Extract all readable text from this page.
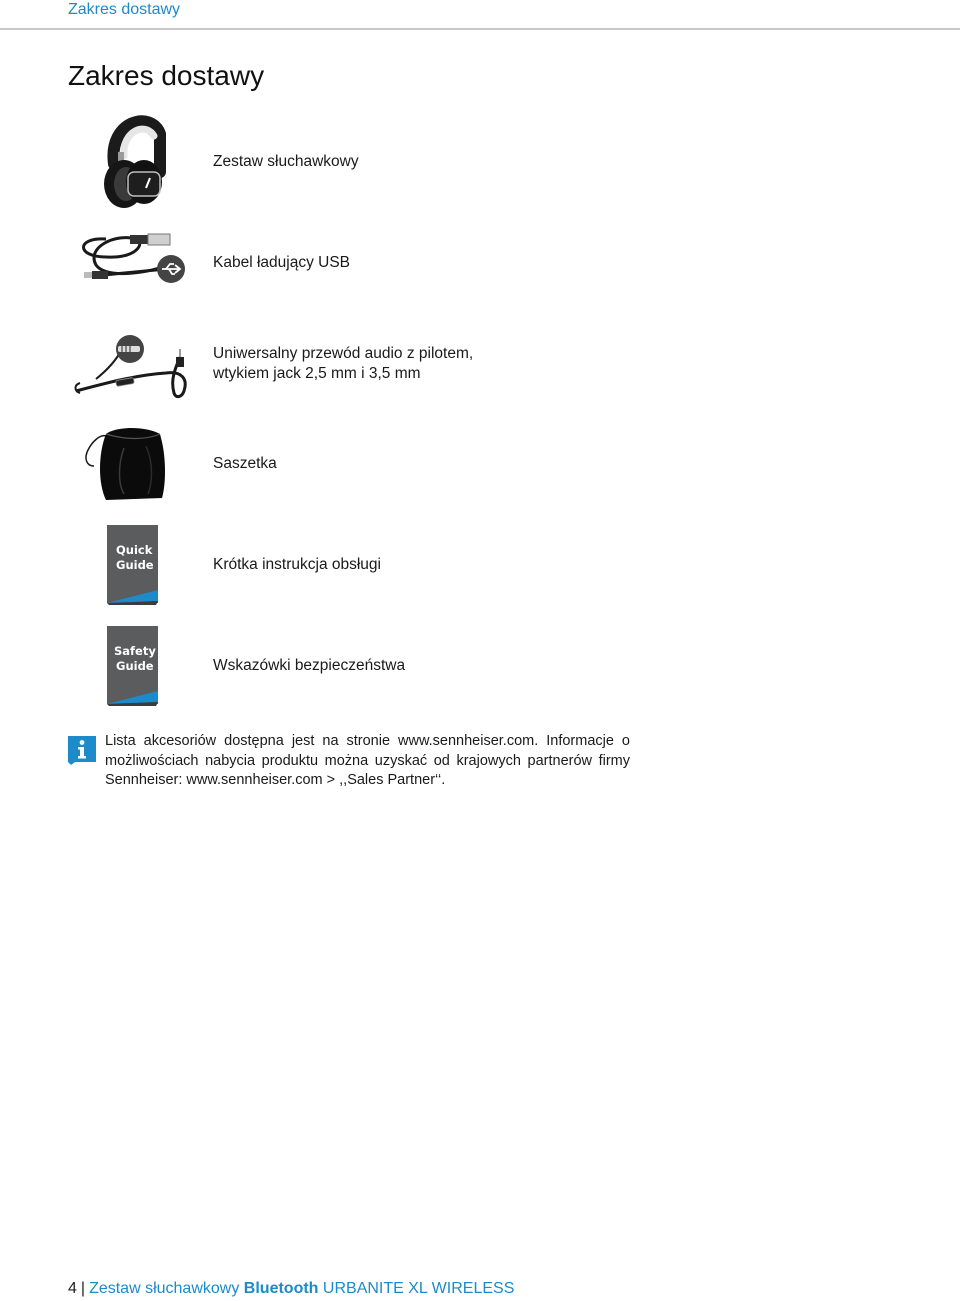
Zakres dostawy
Zakres dostawy
Zestaw słuchawkowy
Kabel ładujący USB
Uniwersalny przewód audio z pilotem,
wtykiem jack 2,5 mm i 3,5 mm
Saszetka
Quick
Guide	Krótka instrukcja obsługi
Safety
Guide	Wskazówki bezpieczeństwa

Lista akcesoriów dostępna jest na stronie www.sennheiser.com. Informacje o możliwościach nabycia produktu można uzyskać od krajowych partnerów firmy Sennheiser: www.sennheiser.com > ,,Sales Partner‘‘.

4 | Zestaw słuchawkowy Bluetooth URBANITE XL WIRELESS
